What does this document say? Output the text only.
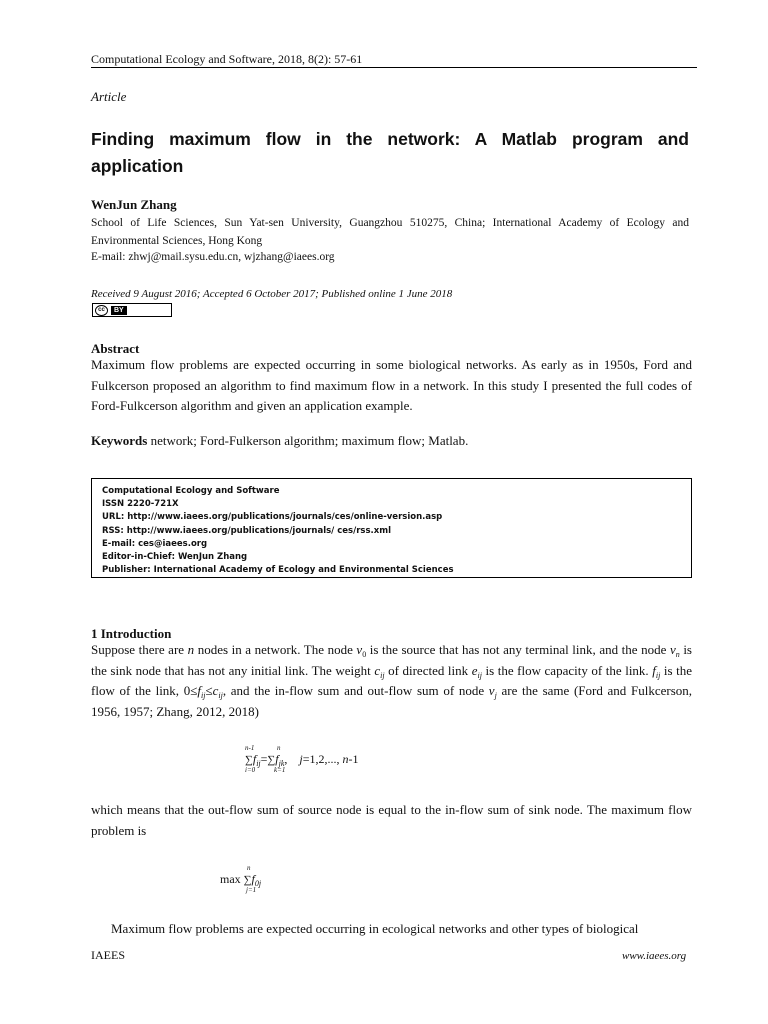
Computational Ecology and Software, 2018, 8(2): 57-61
Article
Finding maximum flow in the network: A Matlab program and application
WenJun Zhang
School of Life Sciences, Sun Yat-sen University, Guangzhou 510275, China; International Academy of Ecology and Environmental Sciences, Hong Kong
E-mail: zhwj@mail.sysu.edu.cn, wjzhang@iaees.org
Received 9 August 2016; Accepted 6 October 2017; Published online 1 June 2018
cc	BY
Abstract
Maximum flow problems are expected occurring in some biological networks. As early as in 1950s, Ford and Fulkcerson proposed an algorithm to find maximum flow in a network. In this study I presented the full codes of Ford-Fulkcerson algorithm and given an application example.
Keywords network; Ford-Fulkerson algorithm; maximum flow; Matlab.
Computational Ecology and Software
ISSN 2220-721X
URL: http://www.iaees.org/publications/journals/ces/online-version.asp
RSS: http://www.iaees.org/publications/journals/ ces/rss.xml
E-mail: ces@iaees.org
Editor-in-Chief: WenJun Zhang
Publisher: International Academy of Ecology and Environmental Sciences
1 Introduction
Suppose there are n nodes in a network. The node $v_0$ is the source that has not any terminal link, and the node $v_n$ is the sink node that has not any initial link. The weight $c_{ij}$ of directed link $e_{ij}$ is the flow capacity of the link. $f_{ij}$ is the flow of the link, $0\le f_{ij}\le c_{ij}$, and the in-flow sum and out-flow sum of node $v_j$ are the same (Ford and Fulkcerson, 1956, 1957; Zhang, 2012, 2018)
n-1	n
$\sum f_{ij}=\sum f_{jk}$, j=1,2,..., n-1
i=0	k=1
which means that the out-flow sum of source node is equal to the in-flow sum of sink node. The maximum flow problem is
n
$\max \sum f_{0j}$
j=1
Maximum flow problems are expected occurring in ecological networks and other types of biological
IAEES	www.iaees.org
